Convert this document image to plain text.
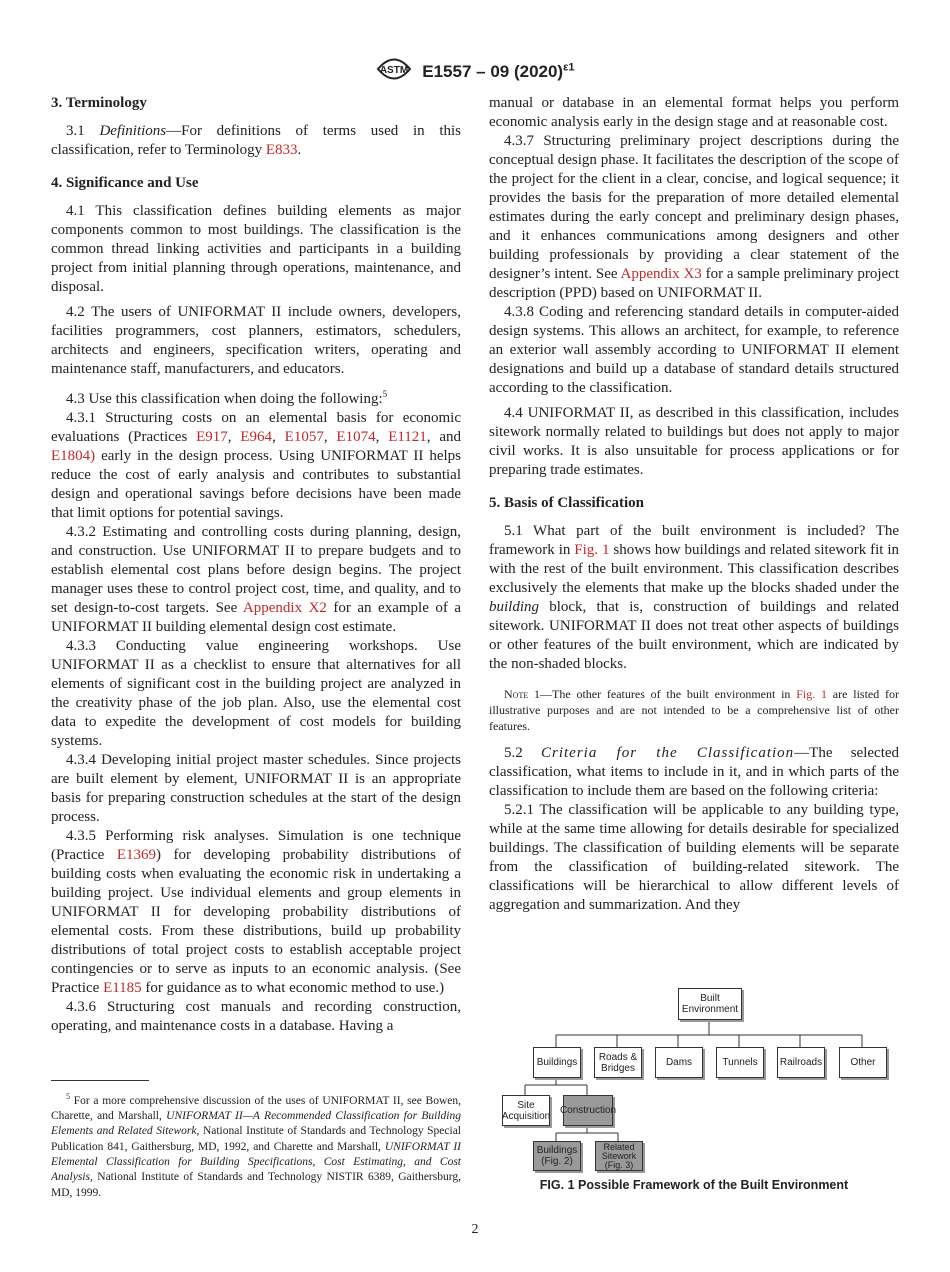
ASTM E1557 – 09 $(2020)^{\varepsilon 1}$
3. Terminology

3.1 Definitions—For definitions of terms used in this classification, refer to Terminology E833.

4. Significance and Use

4.1 This classification defines building elements as major components common to most buildings. The classification is the common thread linking activities and participants in a building project from initial planning through operations, maintenance, and disposal.

4.2 The users of UNIFORMAT II include owners, developers, facilities programmers, cost planners, estimators, schedulers, architects and engineers, specification writers, operating and maintenance staff, manufacturers, and educators.

4.3 Use this classification when doing the following:$^5$

4.3.1 Structuring costs on an elemental basis for economic evaluations (Practices E917, E964, E1057, E1074, E1121, and E1804) early in the design process. Using UNIFORMAT II helps reduce the cost of early analysis and contributes to substantial design and operational savings before decisions have been made that limit options for potential savings.

4.3.2 Estimating and controlling costs during planning, design, and construction. Use UNIFORMAT II to prepare budgets and to establish elemental cost plans before design begins. The project manager uses these to control project cost, time, and quality, and to set design-to-cost targets. See Appendix X2 for an example of a UNIFORMAT II building elemental design cost estimate.

4.3.3 Conducting value engineering workshops. Use UNIFORMAT II as a checklist to ensure that alternatives for all elements of significant cost in the building project are analyzed in the creativity phase of the job plan. Also, use the elemental cost data to expedite the development of cost models for building systems.

4.3.4 Developing initial project master schedules. Since projects are built element by element, UNIFORMAT II is an appropriate basis for preparing construction schedules at the start of the design process.

4.3.5 Performing risk analyses. Simulation is one technique (Practice E1369) for developing probability distributions of building costs when evaluating the economic risk in undertaking a building project. Use individual elements and group elements in UNIFORMAT II for developing probability distributions of elemental costs. From these distributions, build up probability distributions of total project costs to establish acceptable project contingencies or to serve as inputs to an economic analysis. (See Practice E1185 for guidance as to what economic method to use.)

4.3.6 Structuring cost manuals and recording construction, operating, and maintenance costs in a database. Having a

$^5$ For a more comprehensive discussion of the uses of UNIFORMAT II, see Bowen, Charette, and Marshall, UNIFORMAT II—A Recommended Classification for Building Elements and Related Sitework, National Institute of Standards and Technology Special Publication 841, Gaithersburg, MD, 1992, and Charette and Marshall, UNIFORMAT II Elemental Classification for Building Specifications, Cost Estimating, and Cost Analysis, National Institute of Standards and Technology NISTIR 6389, Gaithersburg, MD, 1999.

manual or database in an elemental format helps you perform economic analysis early in the design stage and at reasonable cost.

4.3.7 Structuring preliminary project descriptions during the conceptual design phase. It facilitates the description of the scope of the project for the client in a clear, concise, and logical sequence; it provides the basis for the preparation of more detailed elemental estimates during the early concept and preliminary design phases, and it enhances communications among designers and other building professionals by providing a clear statement of the designer’s intent. See Appendix X3 for a sample preliminary project description (PPD) based on UNIFORMAT II.

4.3.8 Coding and referencing standard details in computer-aided design systems. This allows an architect, for example, to reference an exterior wall assembly according to UNIFORMAT II element designations and build up a database of standard details structured according to the classification.

4.4 UNIFORMAT II, as described in this classification, includes sitework normally related to buildings but does not apply to major civil works. It is also unsuitable for process applications or for preparing trade estimates.

5. Basis of Classification

5.1 What part of the built environment is included? The framework in Fig. 1 shows how buildings and related sitework fit in with the rest of the built environment. This classification describes exclusively the elements that make up the blocks shaded under the building block, that is, construction of buildings and related sitework. UNIFORMAT II does not treat other aspects of buildings or other features of the built environment, which are indicated by the non-shaded blocks.

Note 1—The other features of the built environment in Fig. 1 are listed for illustrative purposes and are not intended to be a comprehensive list of other features.

5.2 Criteria for the Classification—The selected classification, what items to include in it, and in which parts of the classification to include them are based on the following criteria:

5.2.1 The classification will be applicable to any building type, while at the same time allowing for details desirable for specialized buildings. The classification of building elements will be separate from the classification of building-related sitework. The classifications will be hierarchical to allow different levels of aggregation and summarization. And they

Built
Environment
Buildings Roads &
Bridges	Dams	Tunnels Railroads	Other
Site
Acquisition Construction
Buildings
(Fig. 2)
Related
Sitework
(Fig. 3)
FIG. 1 Possible Framework of the Built Environment
2
